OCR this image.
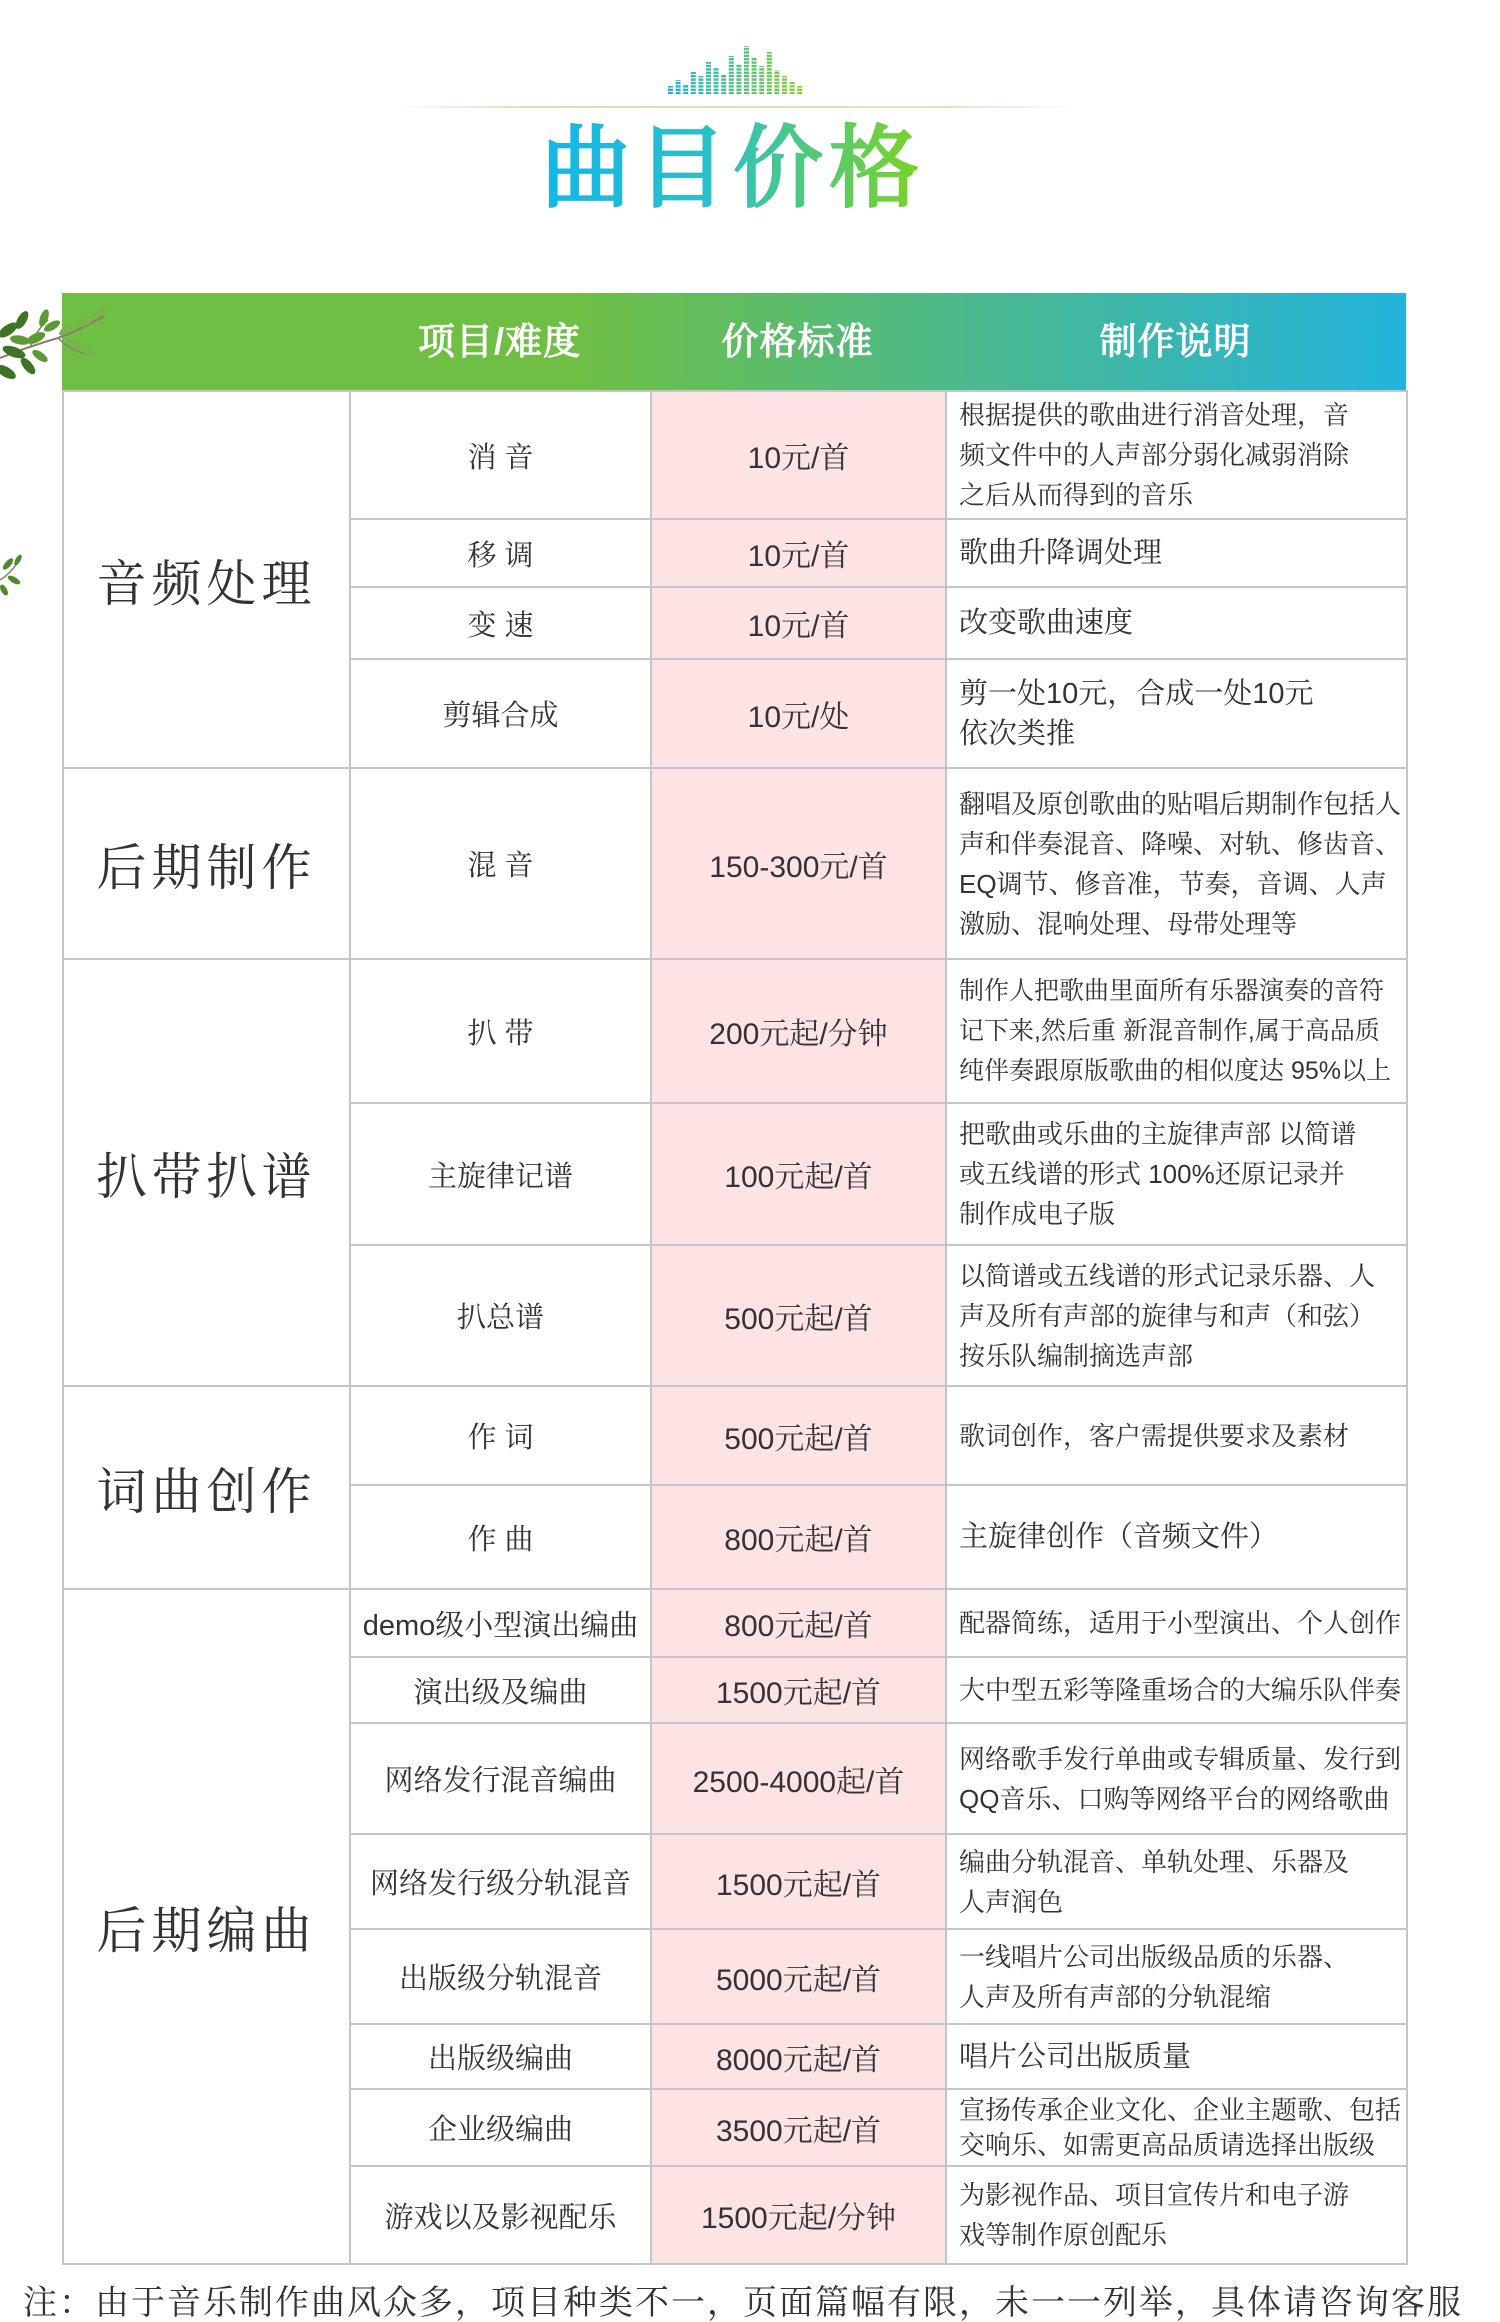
曲目价格
项目/难度	价格标准	制作说明
音频处理	消 音	10元/首	根据提供的歌曲进行消音处理，音
频文件中的人声部分弱化减弱消除
之后从而得到的音乐

	移 调	10元/首	歌曲升降调处理

	变 速	10元/首	改变歌曲速度

	剪辑合成	10元/处	剪一处10元，合成一处10元
依次类推

后期制作	混 音	150-300元/首	翻唱及原创歌曲的贴唱后期制作包括人
声和伴奏混音、降噪、对轨、修齿音、
EQ调节、修音准，节奏，音调、人声
激励、混响处理、母带处理等

扒带扒谱	扒 带	200元起/分钟	制作人把歌曲里面所有乐器演奏的音符
记下来,然后重 新混音制作,属于高品质
纯伴奏跟原版歌曲的相似度达 95%以上

	主旋律记谱	100元起/首	把歌曲或乐曲的主旋律声部 以简谱
或五线谱的形式 100%还原记录并
制作成电子版

	扒总谱	500元起/首	以简谱或五线谱的形式记录乐器、人
声及所有声部的旋律与和声（和弦）
按乐队编制摘选声部

词曲创作	作 词	500元起/首	歌词创作，客户需提供要求及素材

	作 曲	800元起/首	主旋律创作（音频文件）

后期编曲	demo级小型演出编曲	800元起/首	配器简练，适用于小型演出、个人创作

	演出级及编曲	1500元起/首	大中型五彩等隆重场合的大编乐队伴奏

	网络发行混音编曲	2500-4000起/首	网络歌手发行单曲或专辑质量、发行到
QQ音乐、口购等网络平台的网络歌曲

	网络发行级分轨混音	1500元起/首	编曲分轨混音、单轨处理、乐器及
人声润色

	出版级分轨混音	5000元起/首	一线唱片公司出版级品质的乐器、
人声及所有声部的分轨混缩

	出版级编曲	8000元起/首	唱片公司出版质量

	企业级编曲	3500元起/首	宣扬传承企业文化、企业主题歌、包括
交响乐、如需更高品质请选择出版级

	游戏以及影视配乐	1500元起/分钟	为影视作品、项目宣传片和电子游
戏等制作原创配乐
注：由于音乐制作曲风众多，项目种类不一，页面篇幅有限，未一一列举，具体请咨询客服
